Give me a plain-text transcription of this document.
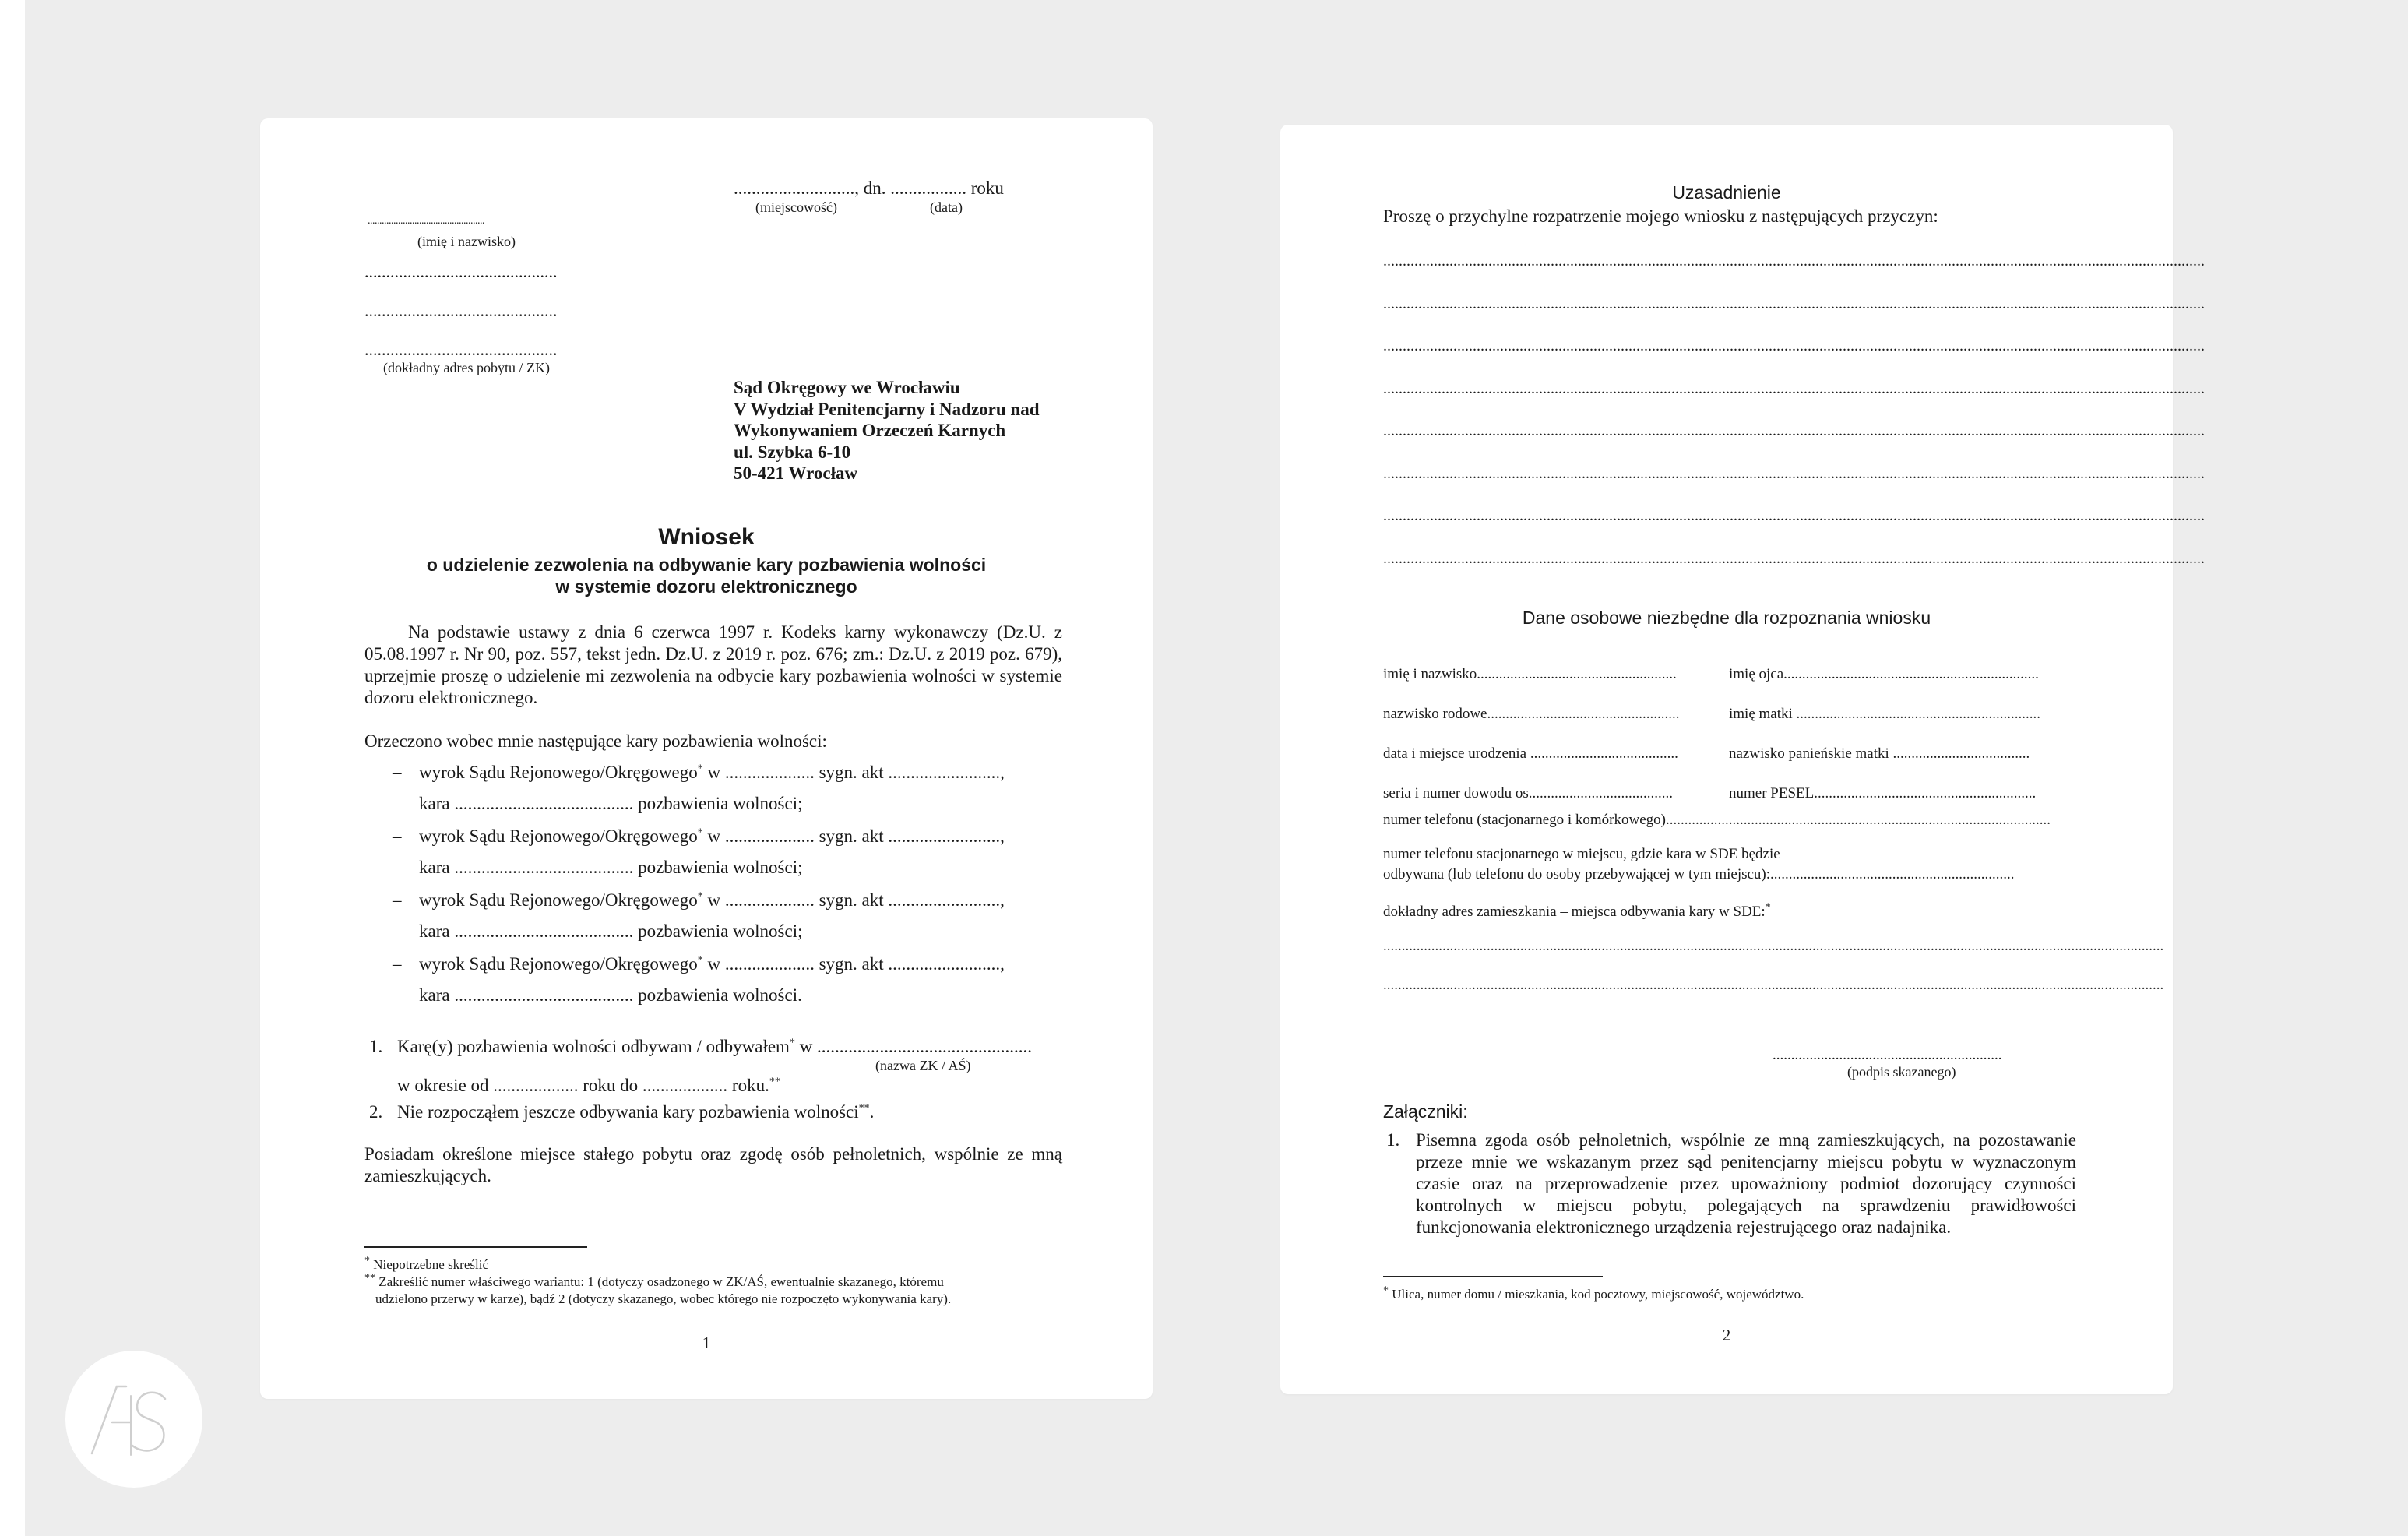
..........................., dn. ................. roku
(miejscowość)	(data)
..................................................
(imię i nazwisko)
.............................................
.............................................
.............................................
(dokładny adres pobytu / ZK)
Sąd Okręgowy we Wrocławiu
V Wydział Penitencjarny i Nadzoru nad
Wykonywaniem Orzeczeń Karnych
ul. Szybka 6-10
50-421 Wrocław
Wniosek
o udzielenie zezwolenia na odbywanie kary pozbawienia wolności
w systemie dozoru elektronicznego
Na podstawie ustawy z dnia 6 czerwca 1997 r. Kodeks karny wykonawczy (Dz.U. z 05.08.1997 r. Nr 90, poz. 557, tekst jedn. Dz.U. z 2019 r. poz. 676; zm.: Dz.U. z 2019 poz. 679), uprzejmie proszę o udzielenie mi zezwolenia na odbycie kary pozbawienia wolności w systemie dozoru elektronicznego.
Orzeczono wobec mnie następujące kary pozbawienia wolności:
– wyrok Sądu Rejonowego/Okręgowego* w .................... sygn. akt .........................,
kara ........................................ pozbawienia wolności;
– wyrok Sądu Rejonowego/Okręgowego* w .................... sygn. akt .........................,
kara ........................................ pozbawienia wolności;
– wyrok Sądu Rejonowego/Okręgowego* w .................... sygn. akt .........................,
kara ........................................ pozbawienia wolności;
– wyrok Sądu Rejonowego/Okręgowego* w .................... sygn. akt .........................,
kara ........................................ pozbawienia wolności.
1. Karę(y) pozbawienia wolności odbywam / odbywałem* w ................................................
(nazwa ZK / AŚ)
w okresie od ................... roku do ................... roku.**
2. Nie rozpocząłem jeszcze odbywania kary pozbawienia wolności**.
Posiadam określone miejsce stałego pobytu oraz zgodę osób pełnoletnich, wspólnie ze mną zamieszkujących.
* Niepotrzebne skreślić
** Zakreślić numer właściwego wariantu: 1 (dotyczy osadzonego w ZK/AŚ, ewentualnie skazanego, któremu
udzielono przerwy w karze), bądź 2 (dotyczy skazanego, wobec którego nie rozpoczęto wykonywania kary).
1
Uzasadnienie
Proszę o przychylne rozpatrzenie mojego wniosku z następujących przyczyn:
...................................................................................................................................................................................................................
...................................................................................................................................................................................................................
...................................................................................................................................................................................................................
...................................................................................................................................................................................................................
...................................................................................................................................................................................................................
...................................................................................................................................................................................................................
...................................................................................................................................................................................................................
...................................................................................................................................................................................................................
Dane osobowe niezbędne dla rozpoznania wniosku
imię i nazwisko......................................................
nazwisko rodowe....................................................
data i miejsce urodzenia ........................................
seria i numer dowodu os.......................................
imię ojca.....................................................................
imię matki ..................................................................
nazwisko panieńskie matki .....................................
numer PESEL............................................................
numer telefonu (stacjonarnego i komórkowego)........................................................................................................
numer telefonu stacjonarnego w miejscu, gdzie kara w SDE będzie
odbywana (lub telefonu do osoby przebywającej w tym miejscu):..................................................................
dokładny adres zamieszkania – miejsca odbywania kary w SDE:*
...................................................................................................................................................................................................................
...................................................................................................................................................................................................................
..............................................................
(podpis skazanego)
Załączniki:
1. Pisemna zgoda osób pełnoletnich, wspólnie ze mną zamieszkujących, na pozostawanie przeze mnie we wskazanym przez sąd penitencjarny miejscu pobytu w wyznaczonym czasie oraz na przeprowadzenie przez upoważniony podmiot dozorujący czynności kontrolnych w miejscu pobytu, polegających na sprawdzeniu prawidłowości funkcjonowania elektronicznego urządzenia rejestrującego oraz nadajnika.
* Ulica, numer domu / mieszkania, kod pocztowy, miejscowość, województwo.
2
